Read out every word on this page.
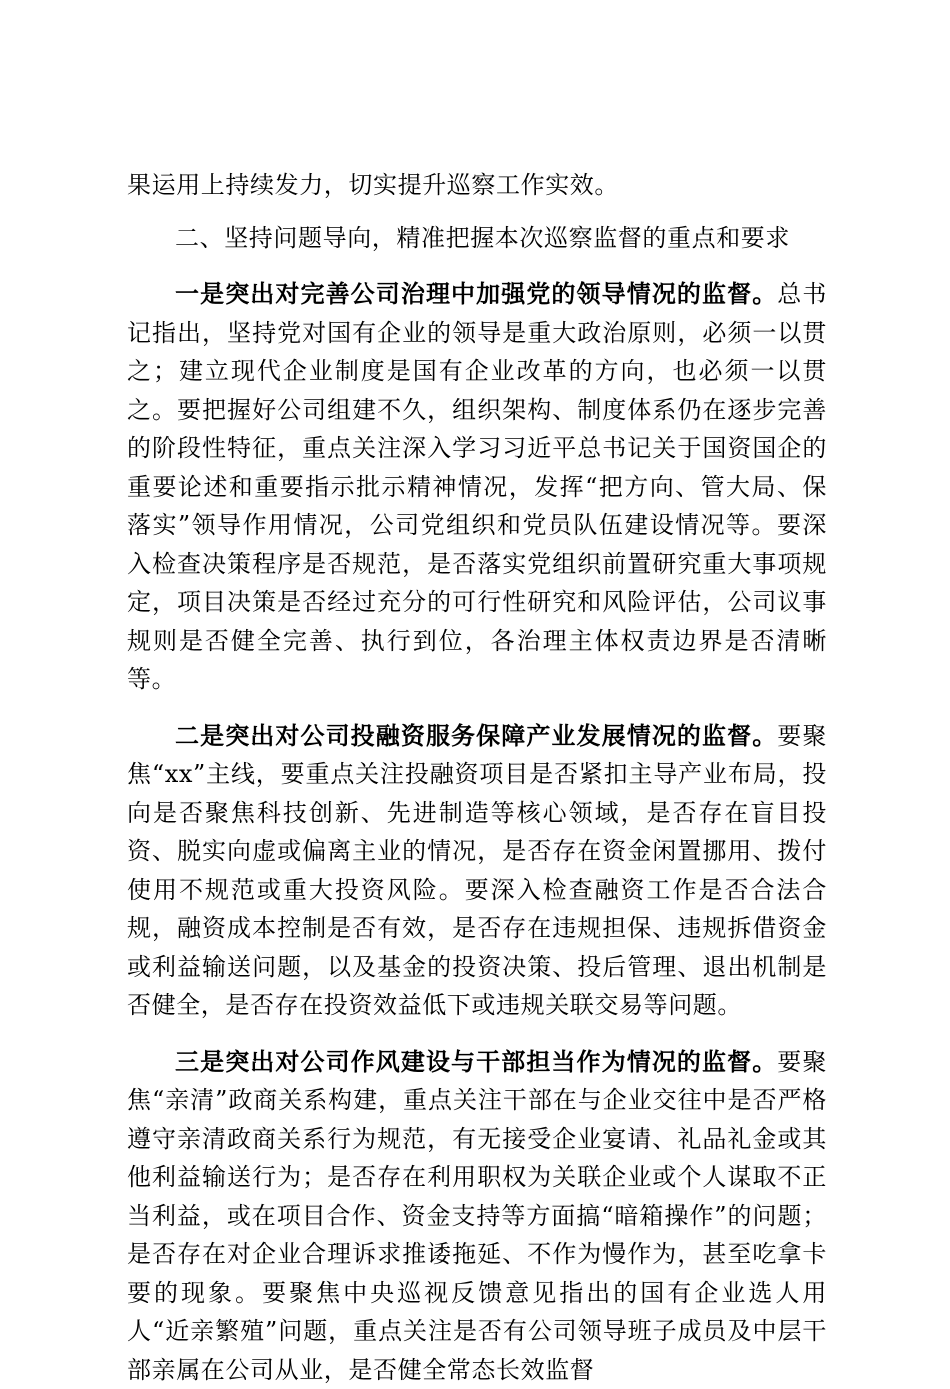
果运用上持续发力，切实提升巡察工作实效。

二、坚持问题导向，精准把握本次巡察监督的重点和要求

一是突出对完善公司治理中加强党的领导情况的监督。总书记指出，坚持党对国有企业的领导是重大政治原则，必须一以贯之；建立现代企业制度是国有企业改革的方向，也必须一以贯之。要把握好公司组建不久，组织架构、制度体系仍在逐步完善的阶段性特征，重点关注深入学习习近平总书记关于国资国企的重要论述和重要指示批示精神情况，发挥“把方向、管大局、保落实”领导作用情况，公司党组织和党员队伍建设情况等。要深入检查决策程序是否规范，是否落实党组织前置研究重大事项规定，项目决策是否经过充分的可行性研究和风险评估，公司议事规则是否健全完善、执行到位，各治理主体权责边界是否清晰等。

二是突出对公司投融资服务保障产业发展情况的监督。要聚焦“xx”主线，要重点关注投融资项目是否紧扣主导产业布局，投向是否聚焦科技创新、先进制造等核心领域，是否存在盲目投资、脱实向虚或偏离主业的情况，是否存在资金闲置挪用、拨付使用不规范或重大投资风险。要深入检查融资工作是否合法合规，融资成本控制是否有效，是否存在违规担保、违规拆借资金或利益输送问题，以及基金的投资决策、投后管理、退出机制是否健全，是否存在投资效益低下或违规关联交易等问题。

三是突出对公司作风建设与干部担当作为情况的监督。要聚焦“亲清”政商关系构建，重点关注干部在与企业交往中是否严格遵守亲清政商关系行为规范，有无接受企业宴请、礼品礼金或其他利益输送行为；是否存在利用职权为关联企业或个人谋取不正当利益，或在项目合作、资金支持等方面搞“暗箱操作”的问题；是否存在对企业合理诉求推诿拖延、不作为慢作为，甚至吃拿卡要的现象。要聚焦中央巡视反馈意见指出的国有企业选人用人“近亲繁殖”问题，重点关注是否有公司领导班子成员及中层干部亲属在公司从业，是否健全常态长效监督
